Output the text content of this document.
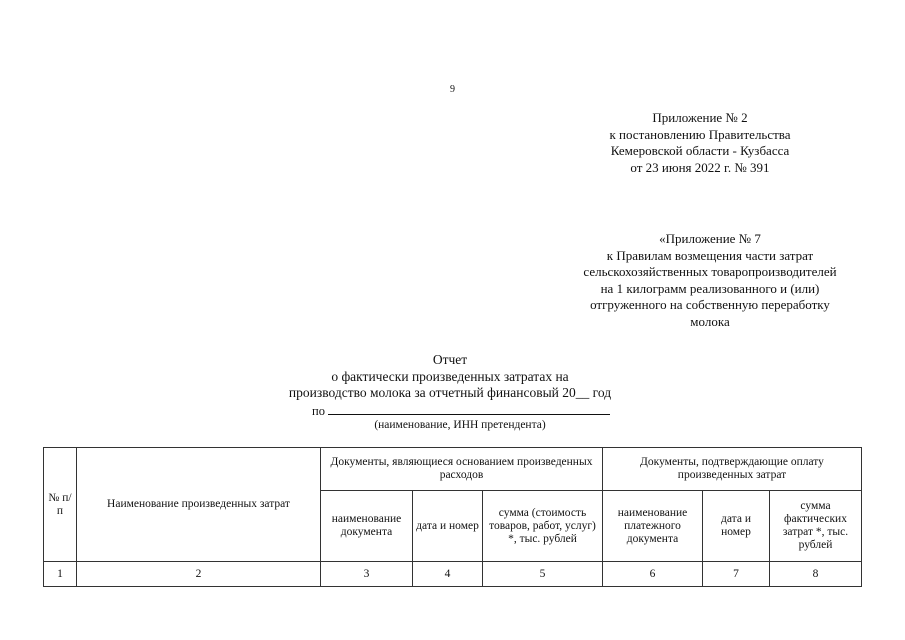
9
Приложение № 2
к постановлению Правительства
Кемеровской области - Кузбасса
от 23 июня 2022 г. № 391
«Приложение № 7
к Правилам возмещения части затрат
сельскохозяйственных товаропроизводителей
на 1 килограмм реализованного и (или)
отгруженного на собственную переработку
молока
Отчет
о фактически произведенных затратах на
производство молока за отчетный финансовый 20__ год
по
(наименование, ИНН претендента)
№ п/п	Наименование произведенных затрат	Документы, являющиеся основанием произведенных расходов			Документы, подтверждающие оплату произведенных затрат		
		наименование документа	дата и номер	сумма (стоимость товаров, работ, услуг) *, тыс. рублей	наименование платежного документа	дата и номер	сумма фактических затрат *, тыс. рублей
1	2	3	4	5	6	7	8
